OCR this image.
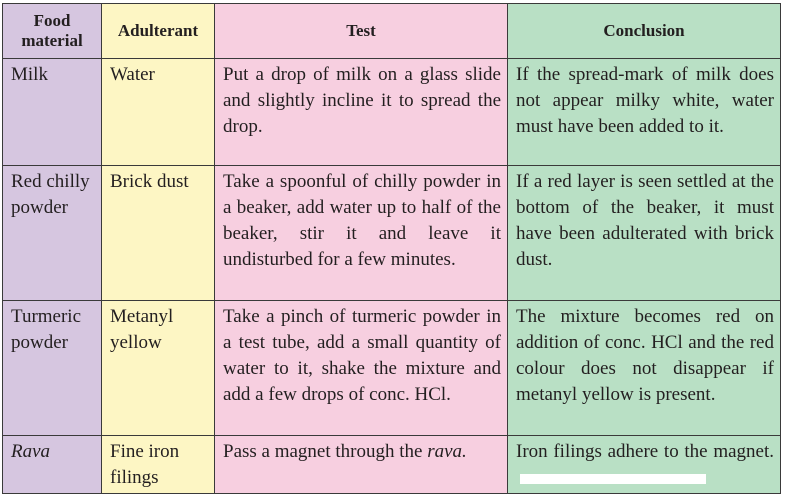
Food material	Adulterant	Test	Conclusion
Milk	Water	Put a drop of milk on a glass slide and slightly incline it to spread the drop.	If the spread-mark of milk does not appear milky white, water must have been added to it.
Red chilly powder	Brick dust	Take a spoonful of chilly powder in a beaker, add water up to half of the beaker, stir it and leave it undisturbed for a few minutes.	If a red layer is seen settled at the bottom of the beaker, it must have been adulterated with brick dust.
Turmeric powder	Metanyl yellow	Take a pinch of turmeric powder in a test tube, add a small quantity of water to it, shake the mixture and add a few drops of conc. HCl.	The mixture becomes red on addition of conc. HCl and the red colour does not disappear if metanyl yellow is present.
Rava	Fine iron filings	Pass a magnet through the rava.	Iron filings adhere to the magnet.
